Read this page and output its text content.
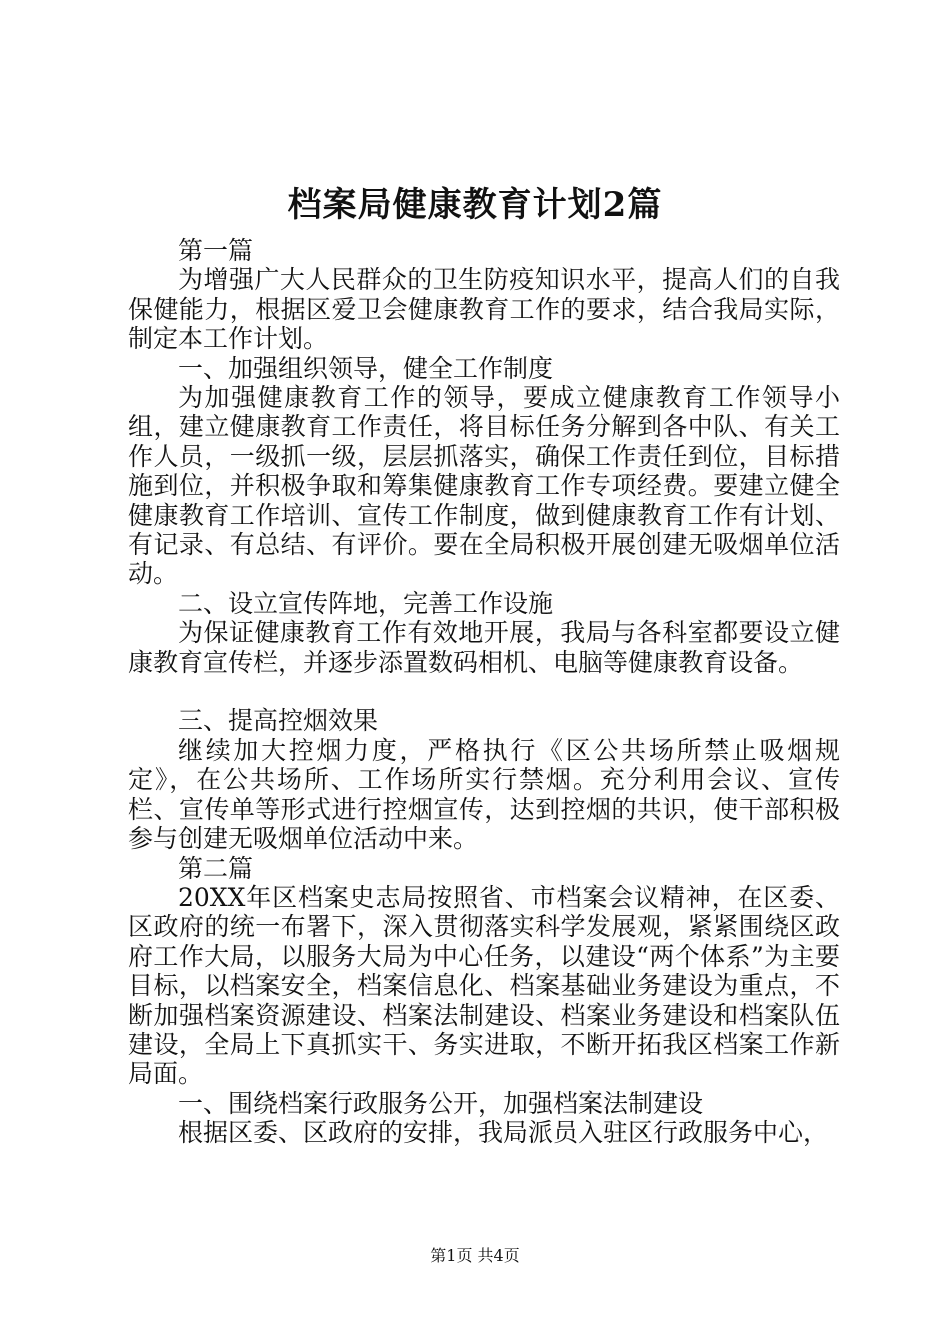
档案局健康教育计划2篇

第一篇

为增强广大人民群众的卫生防疫知识水平，提高人们的自我保健能力，根据区爱卫会健康教育工作的要求，结合我局实际，制定本工作计划。

一、加强组织领导，健全工作制度

为加强健康教育工作的领导，要成立健康教育工作领导小组，建立健康教育工作责任，将目标任务分解到各中队、有关工作人员，一级抓一级，层层抓落实，确保工作责任到位，目标措施到位，并积极争取和筹集健康教育工作专项经费。要建立健全健康教育工作培训、宣传工作制度，做到健康教育工作有计划、有记录、有总结、有评价。要在全局积极开展创建无吸烟单位活动。

二、设立宣传阵地，完善工作设施

为保证健康教育工作有效地开展，我局与各科室都要设立健康教育宣传栏，并逐步添置数码相机、电脑等健康教育设备。

三、提高控烟效果

继续加大控烟力度，严格执行《区公共场所禁止吸烟规定》，在公共场所、工作场所实行禁烟。充分利用会议、宣传栏、宣传单等形式进行控烟宣传，达到控烟的共识，使干部积极参与创建无吸烟单位活动中来。

第二篇

20XX年区档案史志局按照省、市档案会议精神，在区委、区政府的统一布署下，深入贯彻落实科学发展观，紧紧围绕区政府工作大局，以服务大局为中心任务，以建设“两个体系”为主要目标，以档案安全，档案信息化、档案基础业务建设为重点，不断加强档案资源建设、档案法制建设、档案业务建设和档案队伍建设，全局上下真抓实干、务实进取，不断开拓我区档案工作新局面。

一、围绕档案行政服务公开，加强档案法制建设

根据区委、区政府的安排，我局派员入驻区行政服务中心，

第1页 共4页
